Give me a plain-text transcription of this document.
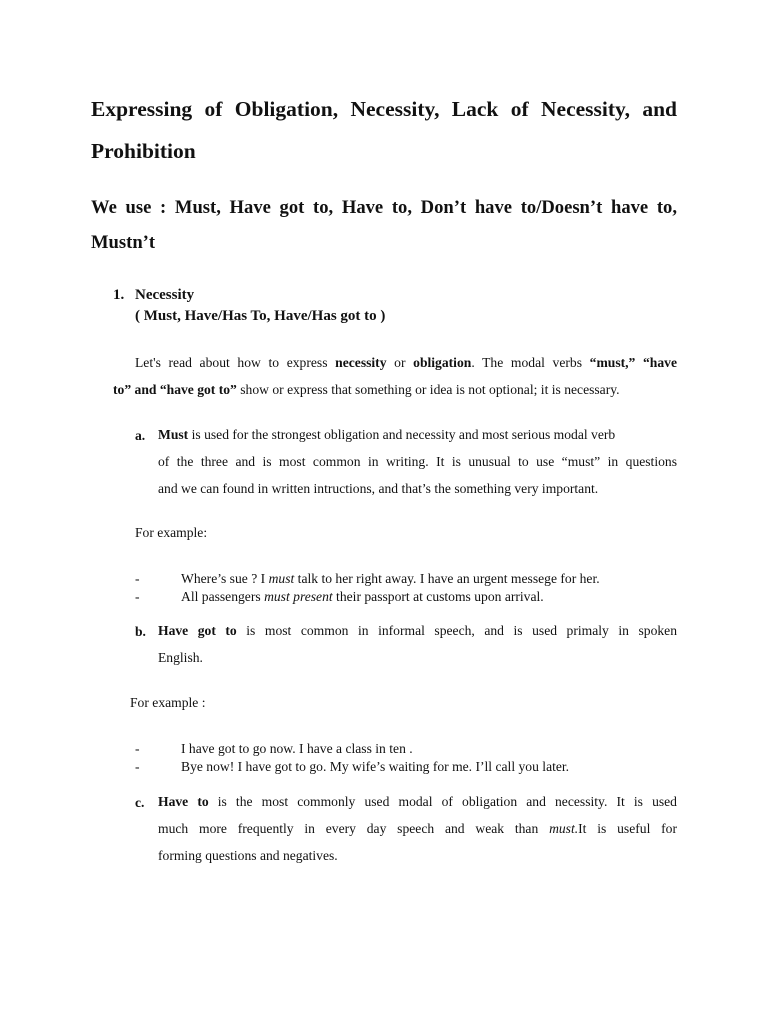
Expressing of Obligation, Necessity, Lack of Necessity, and
Prohibition
We use : Must, Have got to, Have to, Don’t have to/Doesn’t have to,
Mustn’t
1. Necessity
( Must, Have/Has To, Have/Has got to )
Let's read about how to express necessity or obligation. The modal verbs “must,” “have
to” and “have got to” show or express that something or idea is not optional; it is necessary.
a. Must is used for the strongest obligation and necessity and most serious modal verb
of the three and is most common in writing. It is unusual to use “must” in questions
and we can found in written intructions, and that’s the something very important.
For example:
-	Where’s sue ? I must talk to her right away. I have an urgent messege for her.
-	All passengers must present their passport at customs upon arrival.
b. Have got to is most common in informal speech, and is used primaly in spoken
English.
For example :
-	I have got to go now. I have a class in ten .
-	Bye now! I have got to go. My wife’s waiting for me. I’ll call you later.
c. Have to is the most commonly used modal of obligation and necessity. It is used
much more frequently in every day speech and weak than must.It is useful for
forming questions and negatives.
